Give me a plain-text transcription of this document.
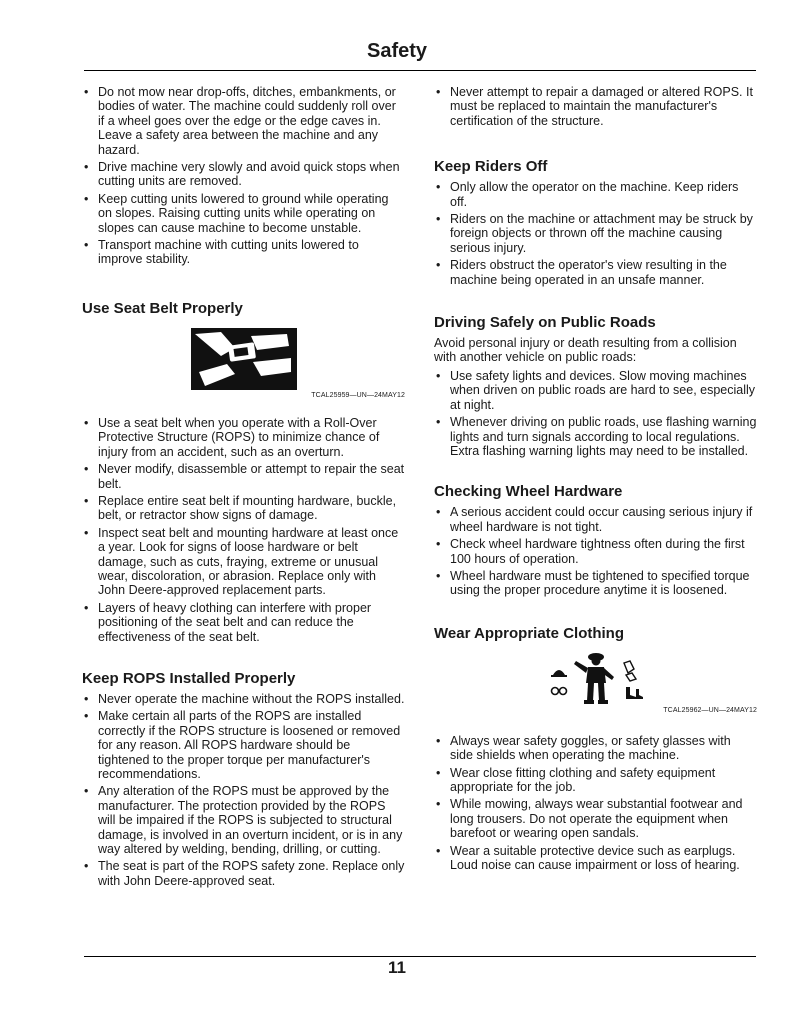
Safety
• Do not mow near drop-offs, ditches, embankments, or bodies of water. The machine could suddenly roll over if a wheel goes over the edge or the edge caves in. Leave a safety area between the machine and any hazard.
• Drive machine very slowly and avoid quick stops when cutting units are removed.
• Keep cutting units lowered to ground while operating on slopes. Raising cutting units while operating on slopes can cause machine to become unstable.
• Transport machine with cutting units lowered to improve stability.
Use Seat Belt Properly
TCAL25959—UN—24MAY12
• Use a seat belt when you operate with a Roll-Over Protective Structure (ROPS) to minimize chance of injury from an accident, such as an overturn.
• Never modify, disassemble or attempt to repair the seat belt.
• Replace entire seat belt if mounting hardware, buckle, belt, or retractor show signs of damage.
• Inspect seat belt and mounting hardware at least once a year. Look for signs of loose hardware or belt damage, such as cuts, fraying, extreme or unusual wear, discoloration, or abrasion. Replace only with John Deere-approved replacement parts.
• Layers of heavy clothing can interfere with proper positioning of the seat belt and can reduce the effectiveness of the seat belt.
Keep ROPS Installed Properly
• Never operate the machine without the ROPS installed.
• Make certain all parts of the ROPS are installed correctly if the ROPS structure is loosened or removed for any reason. All ROPS hardware should be tightened to the proper torque per manufacturer's recommendations.
• Any alteration of the ROPS must be approved by the manufacturer. The protection provided by the ROPS will be impaired if the ROPS is subjected to structural damage, is involved in an overturn incident, or is in any way altered by welding, bending, drilling, or cutting.
• The seat is part of the ROPS safety zone. Replace only with John Deere-approved seat.
• Never attempt to repair a damaged or altered ROPS. It must be replaced to maintain the manufacturer's certification of the structure.
Keep Riders Off
• Only allow the operator on the machine. Keep riders off.
• Riders on the machine or attachment may be struck by foreign objects or thrown off the machine causing serious injury.
• Riders obstruct the operator's view resulting in the machine being operated in an unsafe manner.
Driving Safely on Public Roads

Avoid personal injury or death resulting from a collision with another vehicle on public roads:

• Use safety lights and devices. Slow moving machines when driven on public roads are hard to see, especially at night.
• Whenever driving on public roads, use flashing warning lights and turn signals according to local regulations. Extra flashing warning lights may need to be installed.
Checking Wheel Hardware
• A serious accident could occur causing serious injury if wheel hardware is not tight.
• Check wheel hardware tightness often during the first 100 hours of operation.
• Wheel hardware must be tightened to specified torque using the proper procedure anytime it is loosened.
Wear Appropriate Clothing
TCAL25962—UN—24MAY12
• Always wear safety goggles, or safety glasses with side shields when operating the machine.
• Wear close fitting clothing and safety equipment appropriate for the job.
• While mowing, always wear substantial footwear and long trousers. Do not operate the equipment when barefoot or wearing open sandals.
• Wear a suitable protective device such as earplugs. Loud noise can cause impairment or loss of hearing.
11
